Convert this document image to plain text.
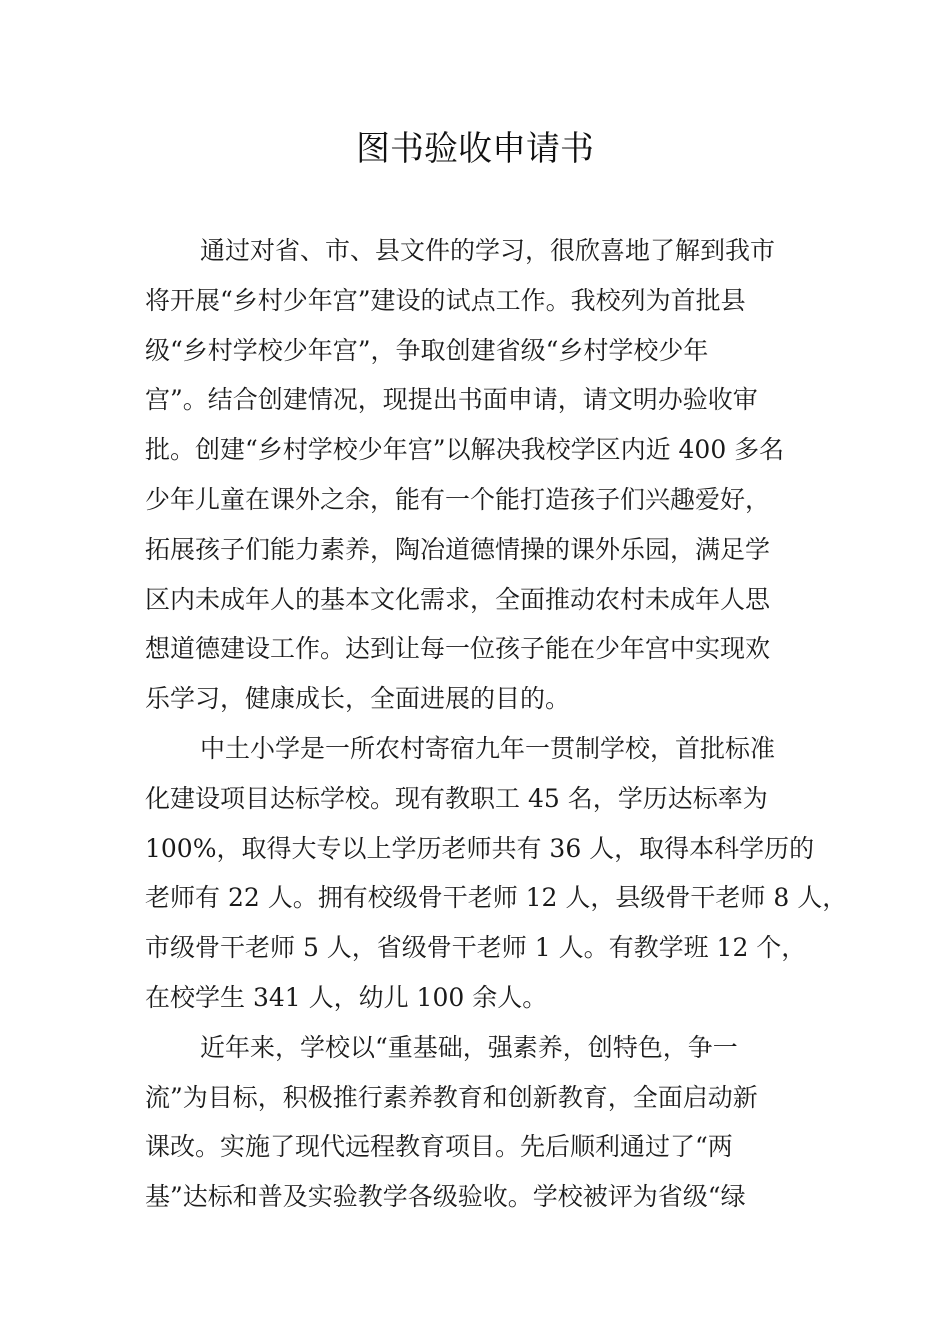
图书验收申请书

通过对省、市、县文件的学习，很欣喜地了解到我市
将开展“乡村少年宫”建设的试点工作。我校列为首批县
级“乡村学校少年宫”，争取创建省级“乡村学校少年
宫”。结合创建情况，现提出书面申请，请文明办验收审
批。创建“乡村学校少年宫”以解决我校学区内近 400 多名
少年儿童在课外之余，能有一个能打造孩子们兴趣爱好，
拓展孩子们能力素养，陶冶道德情操的课外乐园，满足学
区内未成年人的基本文化需求，全面推动农村未成年人思
想道德建设工作。达到让每一位孩子能在少年宫中实现欢
乐学习，健康成长，全面进展的目的。

中土小学是一所农村寄宿九年一贯制学校，首批标准
化建设项目达标学校。现有教职工 45 名，学历达标率为
100%，取得大专以上学历老师共有 36 人，取得本科学历的
老师有 22 人。拥有校级骨干老师 12 人，县级骨干老师 8 人，
市级骨干老师 5 人，省级骨干老师 1 人。有教学班 12 个，
在校学生 341 人，幼儿 100 余人。

近年来，学校以“重基础，强素养，创特色，争一
流”为目标，积极推行素养教育和创新教育，全面启动新
课改。实施了现代远程教育项目。先后顺利通过了“两
基”达标和普及实验教学各级验收。学校被评为省级“绿
